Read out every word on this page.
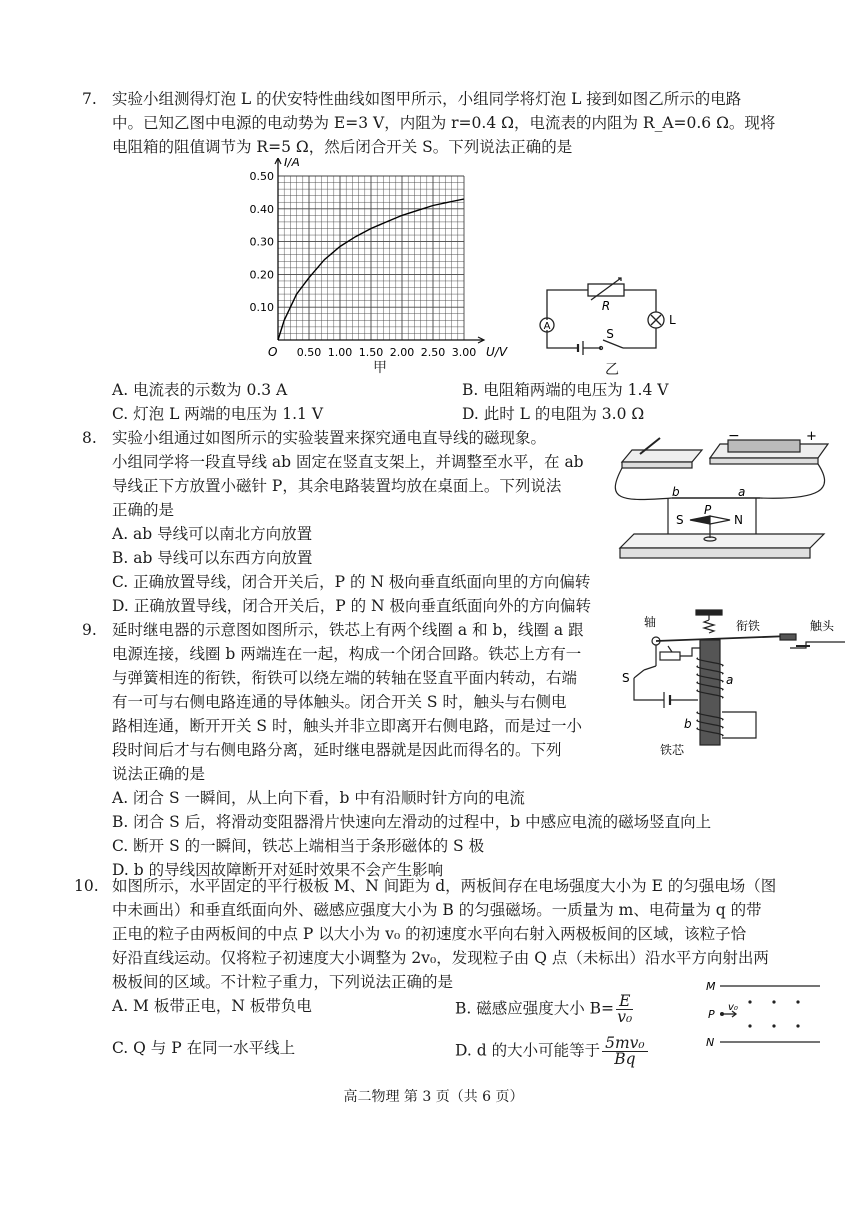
7. 实验小组测得灯泡 L 的伏安特性曲线如图甲所示，小组同学将灯泡 L 接到如图乙所示的电路
中。已知乙图中电源的电动势为 E=3 V，内阻为 r=0.4 Ω，电流表的内阻为 R_A=0.6 Ω。现将
电阻箱的阻值调节为 R=5 Ω，然后闭合开关 S。下列说法正确的是
0.50 1.00 1.50 2.00 2.50 3.00
0.10
0.20
0.30
0.40
0.50
O	U/V
I/A
A
R
L
S
甲	乙
A. 电流表的示数为 0.3 A	B. 电阻箱两端的电压为 1.4 V
C. 灯泡 L 两端的电压为 1.1 V	D. 此时 L 的电阻为 3.0 Ω
8. 实验小组通过如图所示的实验装置来探究通电直导线的磁现象。
小组同学将一段直导线 ab 固定在竖直支架上，并调整至水平，在 ab
导线正下方放置小磁针 P，其余电路装置均放在桌面上。下列说法
正确的是
A. ab 导线可以南北方向放置
B. ab 导线可以东西方向放置
C. 正确放置导线，闭合开关后，P 的 N 极向垂直纸面向里的方向偏转
D. 正确放置导线，闭合开关后，P 的 N 极向垂直纸面向外的方向偏转
−	+
b	a
P
S	N
9. 延时继电器的示意图如图所示，铁芯上有两个线圈 a 和 b，线圈 a 跟
电源连接，线圈 b 两端连在一起，构成一个闭合回路。铁芯上方有一
与弹簧相连的衔铁，衔铁可以绕左端的转轴在竖直平面内转动，右端
有一可与右侧电路连通的导体触头。闭合开关 S 时，触头与右侧电
路相连通，断开开关 S 时，触头并非立即离开右侧电路，而是过一小
段时间后才与右侧电路分离，延时继电器就是因此而得名的。下列
说法正确的是
A. 闭合 S 一瞬间，从上向下看，b 中有沿顺时针方向的电流
B. 闭合 S 后，将滑动变阻器滑片快速向左滑动的过程中，b 中感应电流的磁场竖直向上
C. 断开 S 的一瞬间，铁芯上端相当于条形磁体的 S 极
D. b 的导线因故障断开对延时效果不会产生影响
轴	衔铁	触头
S	a
b
铁芯
10. 如图所示，水平固定的平行极板 M、N 间距为 d，两板间存在电场强度大小为 E 的匀强电场（图
中未画出）和垂直纸面向外、磁感应强度大小为 B 的匀强磁场。一质量为 m、电荷量为 q 的带
正电的粒子由两板间的中点 P 以大小为 v₀ 的初速度水平向右射入两极板间的区域，该粒子恰
好沿直线运动。仅将粒子初速度大小调整为 2v₀，发现粒子由 Q 点（未标出）沿水平方向射出两
极板间的区域。不计粒子重力，下列说法正确的是
A. M 板带正电，N 板带负电	B. 磁感应强度大小 $B= \frac{E}{\text{v₀}}$
C. Q 与 P 在同一水平线上	D. d 的大小可能等于 $\frac{\text{5mv₀}}{Bq}$
M
N
P
v₀
高二物理 第 3 页（共 6 页）
